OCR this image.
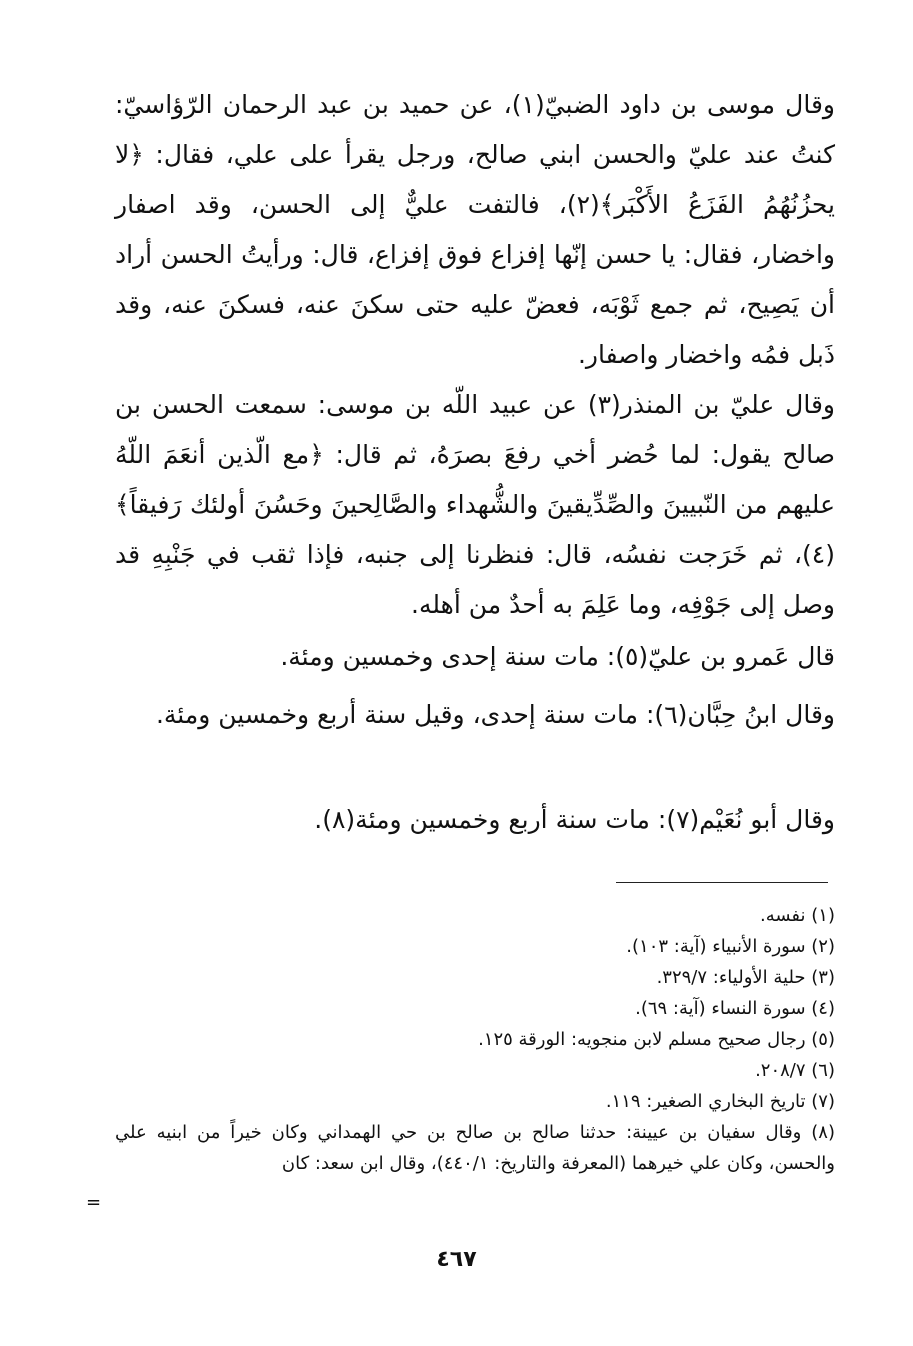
وقال موسى بن داود الضبيّ(١)، عن حميد بن عبد الرحمان الرّؤاسيّ: كنتُ عند عليّ والحسن ابني صالح، ورجل يقرأ على علي، فقال: ﴿لا يحزُنُهُمُ الفَزَعُ الأَكْبَر﴾(٢)، فالتفت عليٌّ إلى الحسن، وقد اصفار واخضار، فقال: يا حسن إنّها إفزاع فوق إفزاع، قال: ورأيتُ الحسن أراد أن يَصِيح، ثم جمع ثَوْبَه، فعضّ عليه حتى سكنَ عنه، فسكنَ عنه، وقد ذَبل فمُه واخضار واصفار.
وقال عليّ بن المنذر(٣) عن عبيد اللّه بن موسى: سمعت الحسن بن صالح يقول: لما حُضر أخي رفعَ بصرَهُ، ثم قال: ﴿مع الّذين أنعَمَ اللّهُ عليهم من النّبيينَ والصِّدِّيقينَ والشُّهداء والصَّالِحينَ وحَسُنَ أولئك رَفيقاً﴾(٤)، ثم خَرَجت نفسُه، قال: فنظرنا إلى جنبه، فإذا ثقب في جَنْبِهِ قد وصل إلى جَوْفِه، وما عَلِمَ به أحدٌ من أهله.
قال عَمرو بن عليّ(٥): مات سنة إحدى وخمسين ومئة.
وقال ابنُ حِبَّان(٦): مات سنة إحدى، وقيل سنة أربع وخمسين ومئة.
وقال أبو نُعَيْم(٧): مات سنة أربع وخمسين ومئة(٨).

(١) نفسه.

(٢) سورة الأنبياء (آية: ١٠٣).

(٣) حلية الأولياء: ٣٢٩/٧.

(٤) سورة النساء (آية: ٦٩).

(٥) رجال صحيح مسلم لابن منجويه: الورقة ١٢٥.

(٦) ٢٠٨/٧.

(٧) تاريخ البخاري الصغير: ١١٩.

(٨) وقال سفيان بن عيينة: حدثنا صالح بن صالح بن حي الهمداني وكان خيراً من ابنيه علي والحسن، وكان علي خيرهما (المعرفة والتاريخ: ٤٤٠/١)، وقال ابن سعد: كان

=
٤٦٧
